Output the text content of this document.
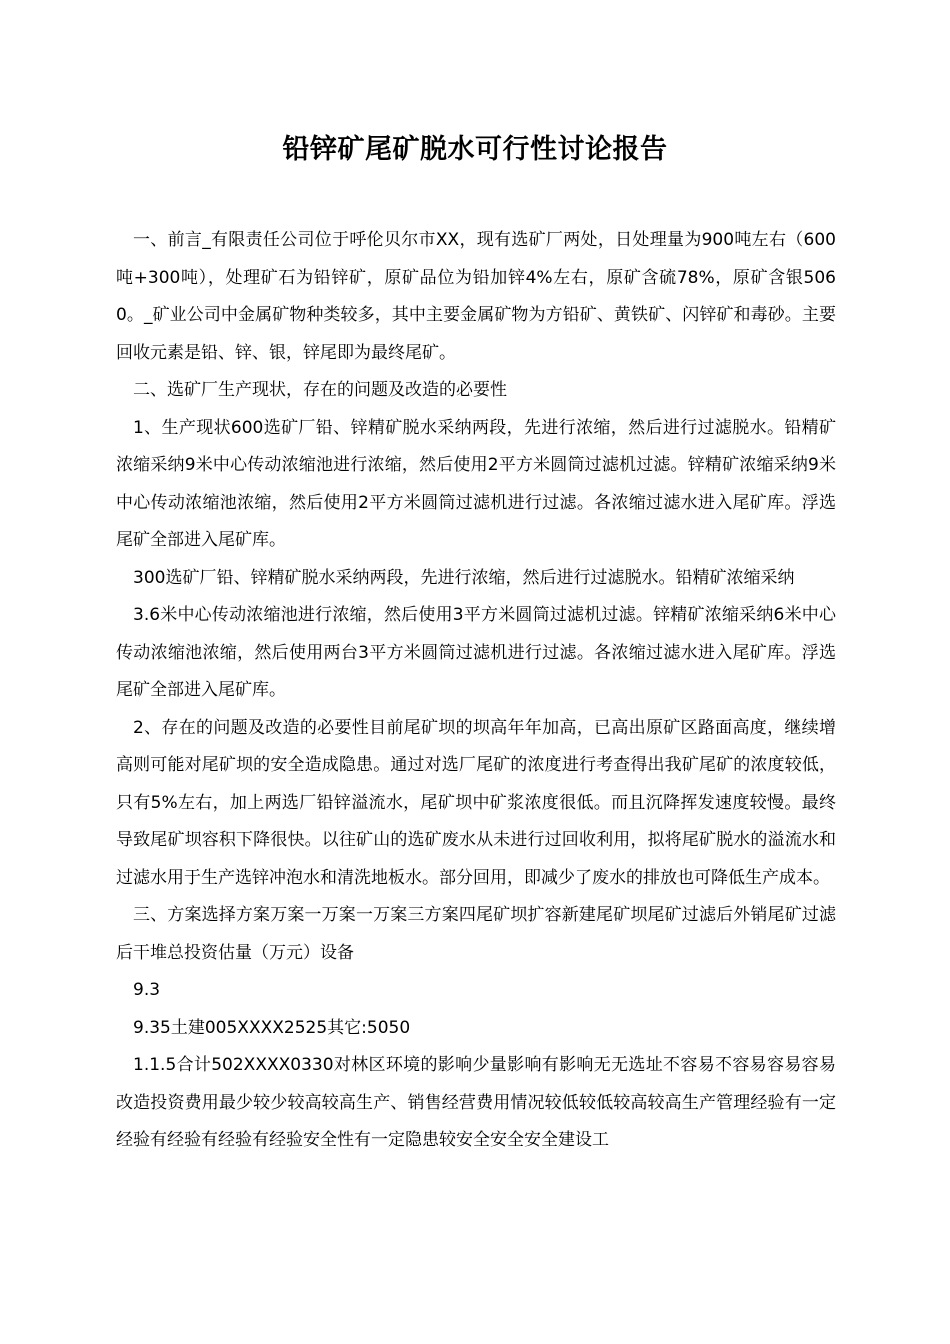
铅锌矿尾矿脱水可行性讨论报告

一、前言_有限责任公司位于呼伦贝尔市XX，现有选矿厂两处，日处理量为900吨左右（600吨+300吨），处理矿石为铅锌矿，原矿品位为铅加锌4%左右，原矿含硫78%，原矿含银5060。_矿业公司中金属矿物种类较多，其中主要金属矿物为方铅矿、黄铁矿、闪锌矿和毒砂。主要回收元素是铅、锌、银，锌尾即为最终尾矿。

二、选矿厂生产现状，存在的问题及改造的必要性

1、生产现状600选矿厂铅、锌精矿脱水采纳两段，先进行浓缩，然后进行过滤脱水。铅精矿浓缩采纳9米中心传动浓缩池进行浓缩，然后使用2平方米圆筒过滤机过滤。锌精矿浓缩采纳9米中心传动浓缩池浓缩，然后使用2平方米圆筒过滤机进行过滤。各浓缩过滤水进入尾矿库。浮选尾矿全部进入尾矿库。

300选矿厂铅、锌精矿脱水采纳两段，先进行浓缩，然后进行过滤脱水。铅精矿浓缩采纳

3.6米中心传动浓缩池进行浓缩，然后使用3平方米圆筒过滤机过滤。锌精矿浓缩采纳6米中心传动浓缩池浓缩，然后使用两台3平方米圆筒过滤机进行过滤。各浓缩过滤水进入尾矿库。浮选尾矿全部进入尾矿库。

2、存在的问题及改造的必要性目前尾矿坝的坝高年年加高，已高出原矿区路面高度，继续增高则可能对尾矿坝的安全造成隐患。通过对选厂尾矿的浓度进行考查得出我矿尾矿的浓度较低，只有5%左右，加上两选厂铅锌溢流水，尾矿坝中矿浆浓度很低。而且沉降挥发速度较慢。最终导致尾矿坝容积下降很快。以往矿山的选矿废水从未进行过回收利用，拟将尾矿脱水的溢流水和过滤水用于生产选锌冲泡水和清洗地板水。部分回用，即减少了废水的排放也可降低生产成本。

三、方案选择方案万案一万案一万案三方案四尾矿坝扩容新建尾矿坝尾矿过滤后外销尾矿过滤后干堆总投资估量（万元）设备

9.3

9.35土建005XXXX2525其它:5050

1.1.5合计502XXXX0330对林区环境的影响少量影响有影响无无选址不容易不容易容易容易改造投资费用最少较少较高较高生产、销售经营费用情况较低较低较高较高生产管理经验有一定经验有经验有经验有经验安全性有一定隐患较安全安全安全建设工
